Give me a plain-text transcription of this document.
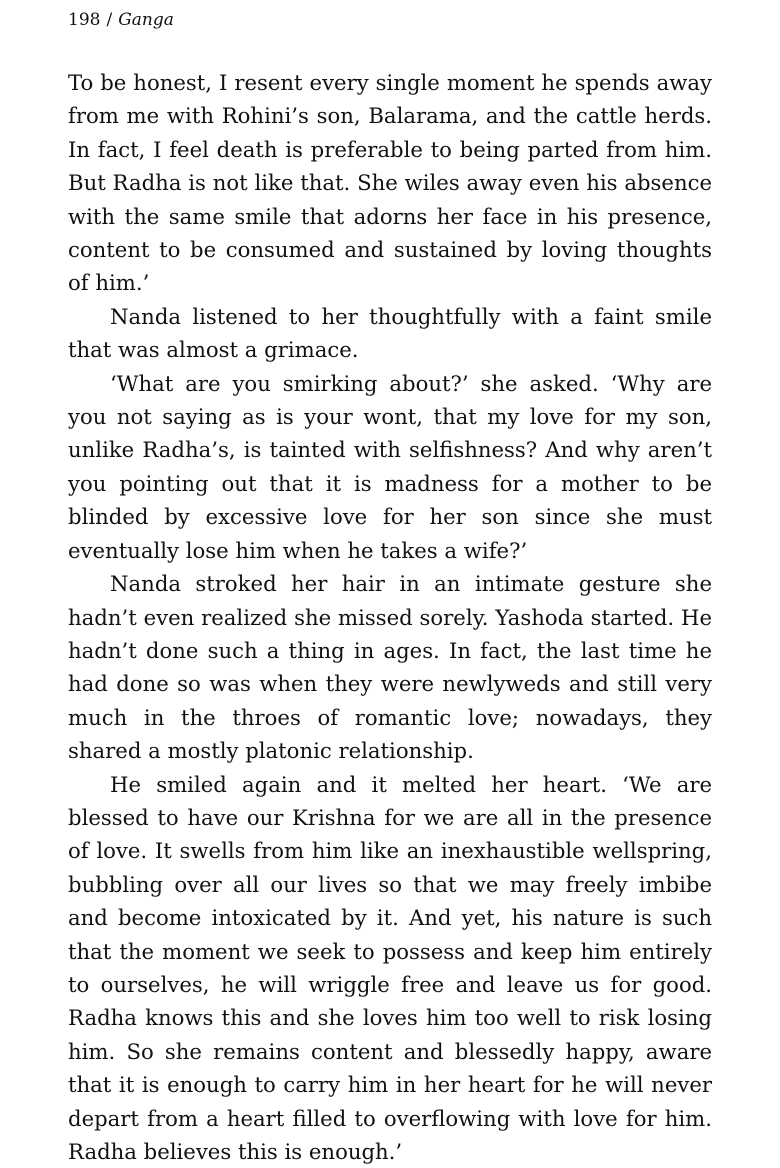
198 / Ganga

To be honest, I resent every single moment he spends away from me with Rohini’s son, Balarama, and the cattle herds. In fact, I feel death is preferable to being parted from him. But Radha is not like that. She wiles away even his absence with the same smile that adorns her face in his presence, content to be consumed and sustained by loving thoughts of him.’

Nanda listened to her thoughtfully with a faint smile that was almost a grimace.

‘What are you smirking about?’ she asked. ‘Why are you not saying as is your wont, that my love for my son, unlike Radha’s, is tainted with selfishness? And why aren’t you pointing out that it is madness for a mother to be blinded by excessive love for her son since she must eventually lose him when he takes a wife?’

Nanda stroked her hair in an intimate gesture she hadn’t even realized she missed sorely. Yashoda started. He hadn’t done such a thing in ages. In fact, the last time he had done so was when they were newlyweds and still very much in the throes of romantic love; nowadays, they shared a mostly platonic relationship.

He smiled again and it melted her heart. ‘We are blessed to have our Krishna for we are all in the presence of love. It swells from him like an inexhaustible wellspring, bubbling over all our lives so that we may freely imbibe and become intoxicated by it. And yet, his nature is such that the moment we seek to possess and keep him entirely to ourselves, he will wriggle free and leave us for good. Radha knows this and she loves him too well to risk losing him. So she remains content and blessedly happy, aware that it is enough to carry him in her heart for he will never depart from a heart filled to overflowing with love for him. Radha believes this is enough.’
